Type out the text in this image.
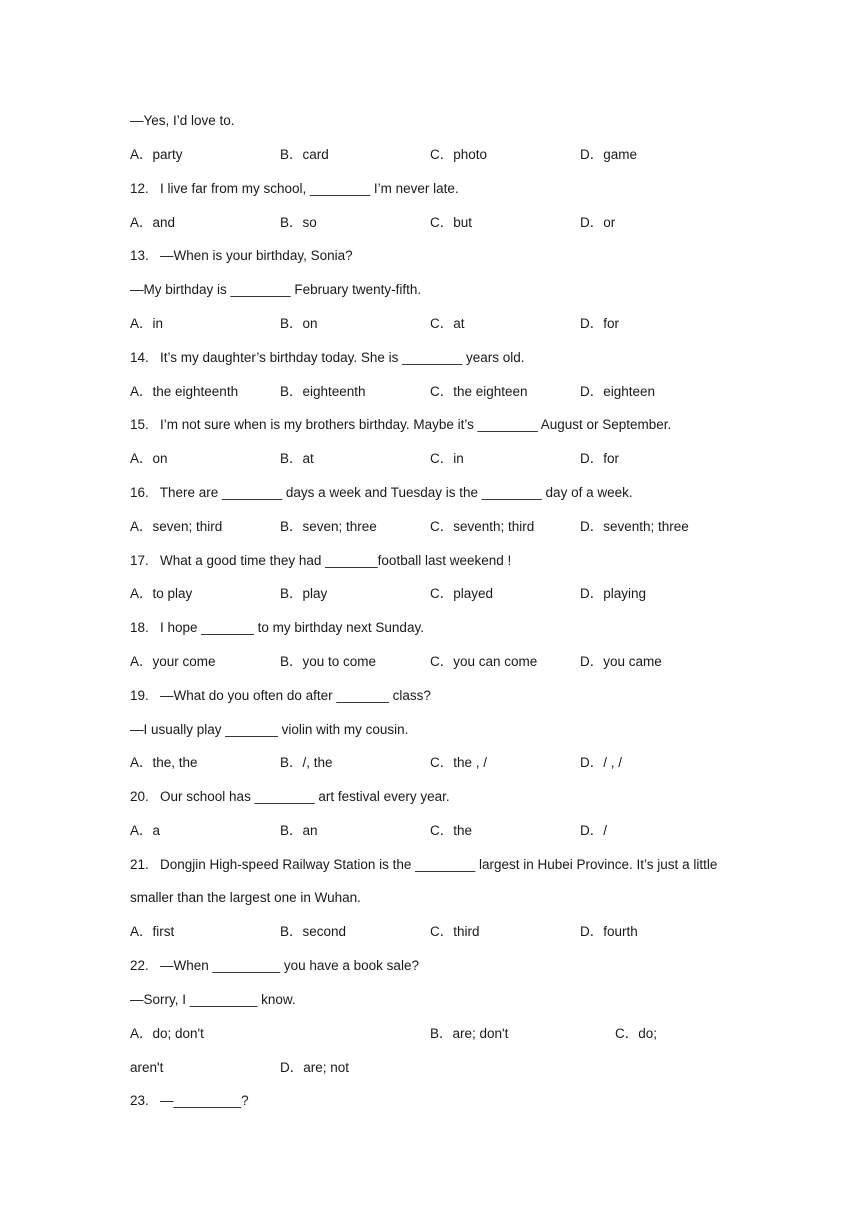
—Yes, I’d love to.
A．party	B．card	C．photo	D．game
12.   I live far from my school, ________ I’m never late.
A．and	B．so	C．but	D．or
13.   —When is your birthday, Sonia?
—My birthday is ________ February twenty-fifth.
A．in	B．on	C．at	D．for
14.   It’s my daughter’s birthday today. She is ________ years old.
A．the eighteenth	B．eighteenth	C．the eighteen	D．eighteen
15.   I’m not sure when is my brothers birthday. Maybe it’s ________ August or September.
A．on	B．at	C．in	D．for
16.   There are ________ days a week and Tuesday is the ________ day of a week.
A．seven; third	B．seven; three	C．seventh; third	D．seventh; three
17.   What a good time they had _______football last weekend !
A．to play	B．play	C．played	D．playing
18.   I hope _______ to my birthday next Sunday.
A．your come	B．you to come	C．you can come	D．you came
19.   —What do you often do after _______ class?
—I usually play _______ violin with my cousin.
A．the, the	B．/, the	C．the , /	D．/ , /
20.   Our school has ________ art festival every year.
A．a	B．an	C．the	D．/
21.   Dongjin High-speed Railway Station is the ________ largest in Hubei Province. It’s just a little
smaller than the largest one in Wuhan.
A．first	B．second	C．third	D．fourth
22.   —When _________ you have a book sale?
—Sorry, I _________ know.
A．do; don't	B．are; don't	C．do;
aren't	D．are; not
23.   —_________?
